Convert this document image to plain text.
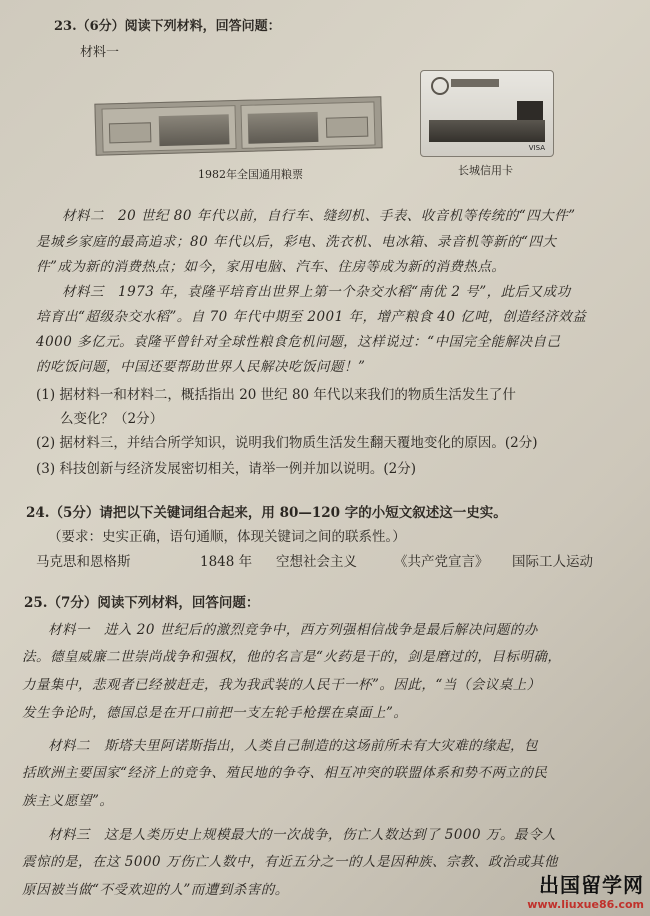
23.（6分）阅读下列材料，回答问题：
材料一
VISA
1982年全国通用粮票	长城信用卡
材料二　20 世纪 80 年代以前，自行车、缝纫机、手表、收音机等传统的“四大件”
是城乡家庭的最高追求；80 年代以后，彩电、洗衣机、电冰箱、录音机等新的“四大
件”成为新的消费热点；如今，家用电脑、汽车、住房等成为新的消费热点。
材料三　1973 年，袁隆平培育出世界上第一个杂交水稻“南优 2 号”，此后又成功
培育出“超级杂交水稻”。自 70 年代中期至 2001 年，增产粮食 40 亿吨，创造经济效益
4000 多亿元。袁隆平曾针对全球性粮食危机问题，这样说过：“中国完全能解决自己
的吃饭问题，中国还要帮助世界人民解决吃饭问题！”
(1) 据材料一和材料二，概括指出 20 世纪 80 年代以来我们的物质生活发生了什
么变化？（2分）
(2) 据材料三，并结合所学知识，说明我们物质生活发生翻天覆地变化的原因。(2分)
(3) 科技创新与经济发展密切相关，请举一例并加以说明。(2分)
24.（5分）请把以下关键词组合起来，用 80—120 字的小短文叙述这一史实。
（要求：史实正确，语句通顺，体现关键词之间的联系性。）
马克思和恩格斯	1848 年 空想社会主义	《共产党宣言》 国际工人运动
25.（7分）阅读下列材料，回答问题：
材料一　进入 20 世纪后的激烈竞争中，西方列强相信战争是最后解决问题的办
法。德皇威廉二世崇尚战争和强权，他的名言是“火药是干的，剑是磨过的，目标明确，
力量集中，悲观者已经被赶走，我为我武装的人民干一杯”。因此，“当（会议桌上）
发生争论时，德国总是在开口前把一支左轮手枪摆在桌面上”。
材料二　斯塔夫里阿诺斯指出，人类自己制造的这场前所未有大灾难的缘起，包
括欧洲主要国家“经济上的竞争、殖民地的争夺、相互冲突的联盟体系和势不两立的民
族主义愿望”。
材料三　这是人类历史上规模最大的一次战争，伤亡人数达到了 5000 万。最令人
震惊的是，在这 5000 万伤亡人数中，有近五分之一的人是因种族、宗教、政治或其他
原因被当做“不受欢迎的人”而遭到杀害的。	出国留学网
www.liuxue86.com
